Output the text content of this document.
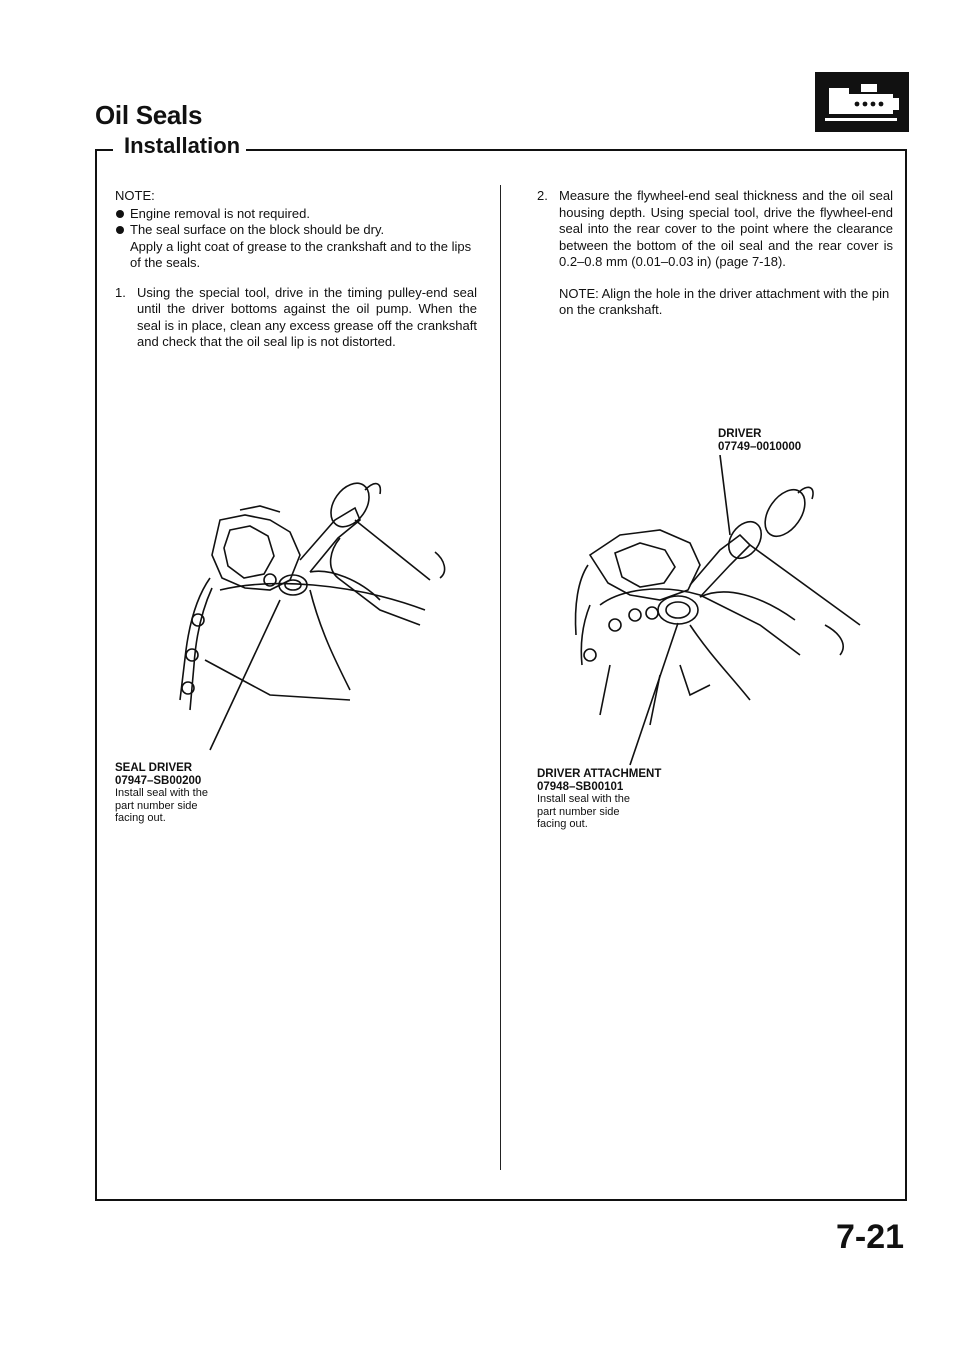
Oil Seals
Installation

NOTE:

Engine removal is not required.
The seal surface on the block should be dry.

Apply a light coat of grease to the crankshaft and to the lips of the seals.

1. Using the special tool, drive in the timing pulley-end seal until the driver bottoms against the oil pump. When the seal is in place, clean any excess grease off the crankshaft and check that the oil seal lip is not distorted.
SEAL DRIVER
07947–SB00200
Install seal with the
part number side
facing out.
2. Measure the flywheel-end seal thickness and the oil seal housing depth. Using special tool, drive the flywheel-end seal into the rear cover to the point where the clearance between the bottom of the oil seal and the rear cover is 0.2–0.8 mm (0.01–0.03 in) (page 7-18).

NOTE: Align the hole in the driver attachment with the pin on the crankshaft.

DRIVER
07749–0010000
DRIVER ATTACHMENT
07948–SB00101
Install seal with the
part number side
facing out.
7-21
